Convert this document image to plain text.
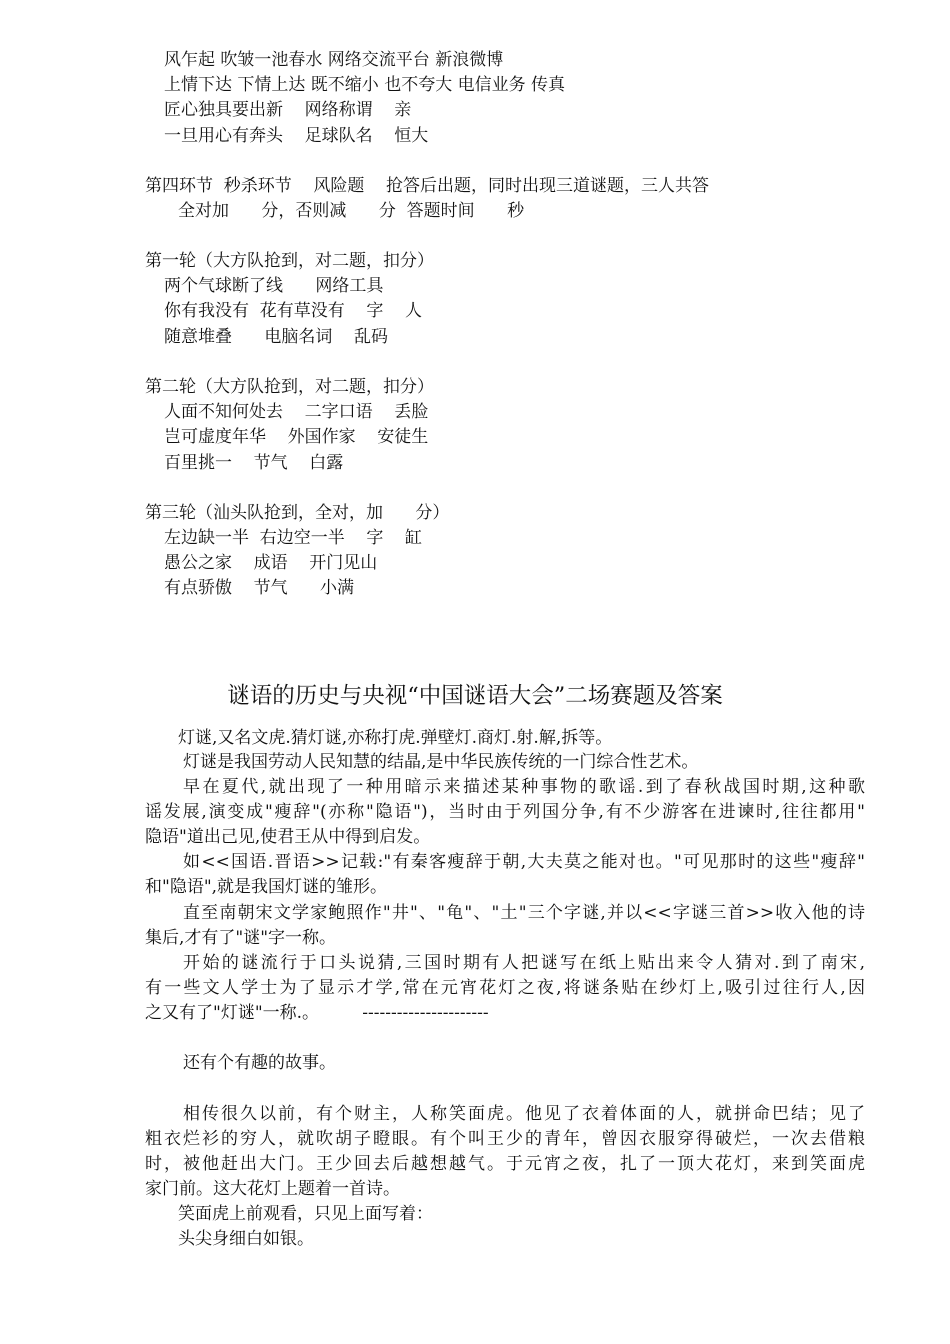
风乍起 吹皱一池春水 网络交流平台 新浪微博
上情下达 下情上达 既不缩小 也不夸大 电信业务 传真
匠心独具要出新    网络称谓    亲
一旦用心有奔头    足球队名    恒大
第四环节  秒杀环节    风险题    抢答后出题，同时出现三道谜题，三人共答
全对加      分，否则减      分  答题时间      秒
第一轮（大方队抢到，对二题，扣分）
两个气球断了线      网络工具
你有我没有  花有草没有    字    人
随意堆叠      电脑名词    乱码
第二轮（大方队抢到，对二题，扣分）
人面不知何处去    二字口语    丢脸
岂可虚度年华    外国作家    安徒生
百里挑一    节气    白露
第三轮（汕头队抢到，全对，加      分）
左边缺一半  右边空一半    字    缸
愚公之家    成语    开门见山
有点骄傲    节气      小满
谜语的历史与央视“中国谜语大会”二场赛题及答案
灯谜,又名文虎.猜灯谜,亦称打虎.弹壁灯.商灯.射.解,拆等。
灯谜是我国劳动人民知慧的结晶,是中华民族传统的一门综合性艺术。
早在夏代,就出现了一种用暗示来描述某种事物的歌谣.到了春秋战国时期,这种歌
谣发展,演变成"瘦辞"(亦称"隐语")，当时由于列国分争,有不少游客在进谏时,往往都用"
隐语"道出己见,使君王从中得到启发。
如<<国语.晋语>>记载:"有秦客瘦辞于朝,大夫莫之能对也。"可见那时的这些"瘦辞"
和"隐语",就是我国灯谜的雏形。
直至南朝宋文学家鲍照作"井"、"龟"、"土"三个字谜,并以<<字谜三首>>收入他的诗
集后,才有了"谜"字一称。
开始的谜流行于口头说猜,三国时期有人把谜写在纸上贴出来令人猜对.到了南宋,
有一些文人学士为了显示才学,常在元宵花灯之夜,将谜条贴在纱灯上,吸引过往行人,因
之又有了"灯谜"一称.。        ----------------------
还有个有趣的故事。
相传很久以前，有个财主，人称笑面虎。他见了衣着体面的人，就拼命巴结；见了
粗衣烂衫的穷人，就吹胡子瞪眼。有个叫王少的青年，曾因衣服穿得破烂，一次去借粮
时，被他赶出大门。王少回去后越想越气。于元宵之夜，扎了一顶大花灯，来到笑面虎
家门前。这大花灯上题着一首诗。
笑面虎上前观看，只见上面写着：
头尖身细白如银。
